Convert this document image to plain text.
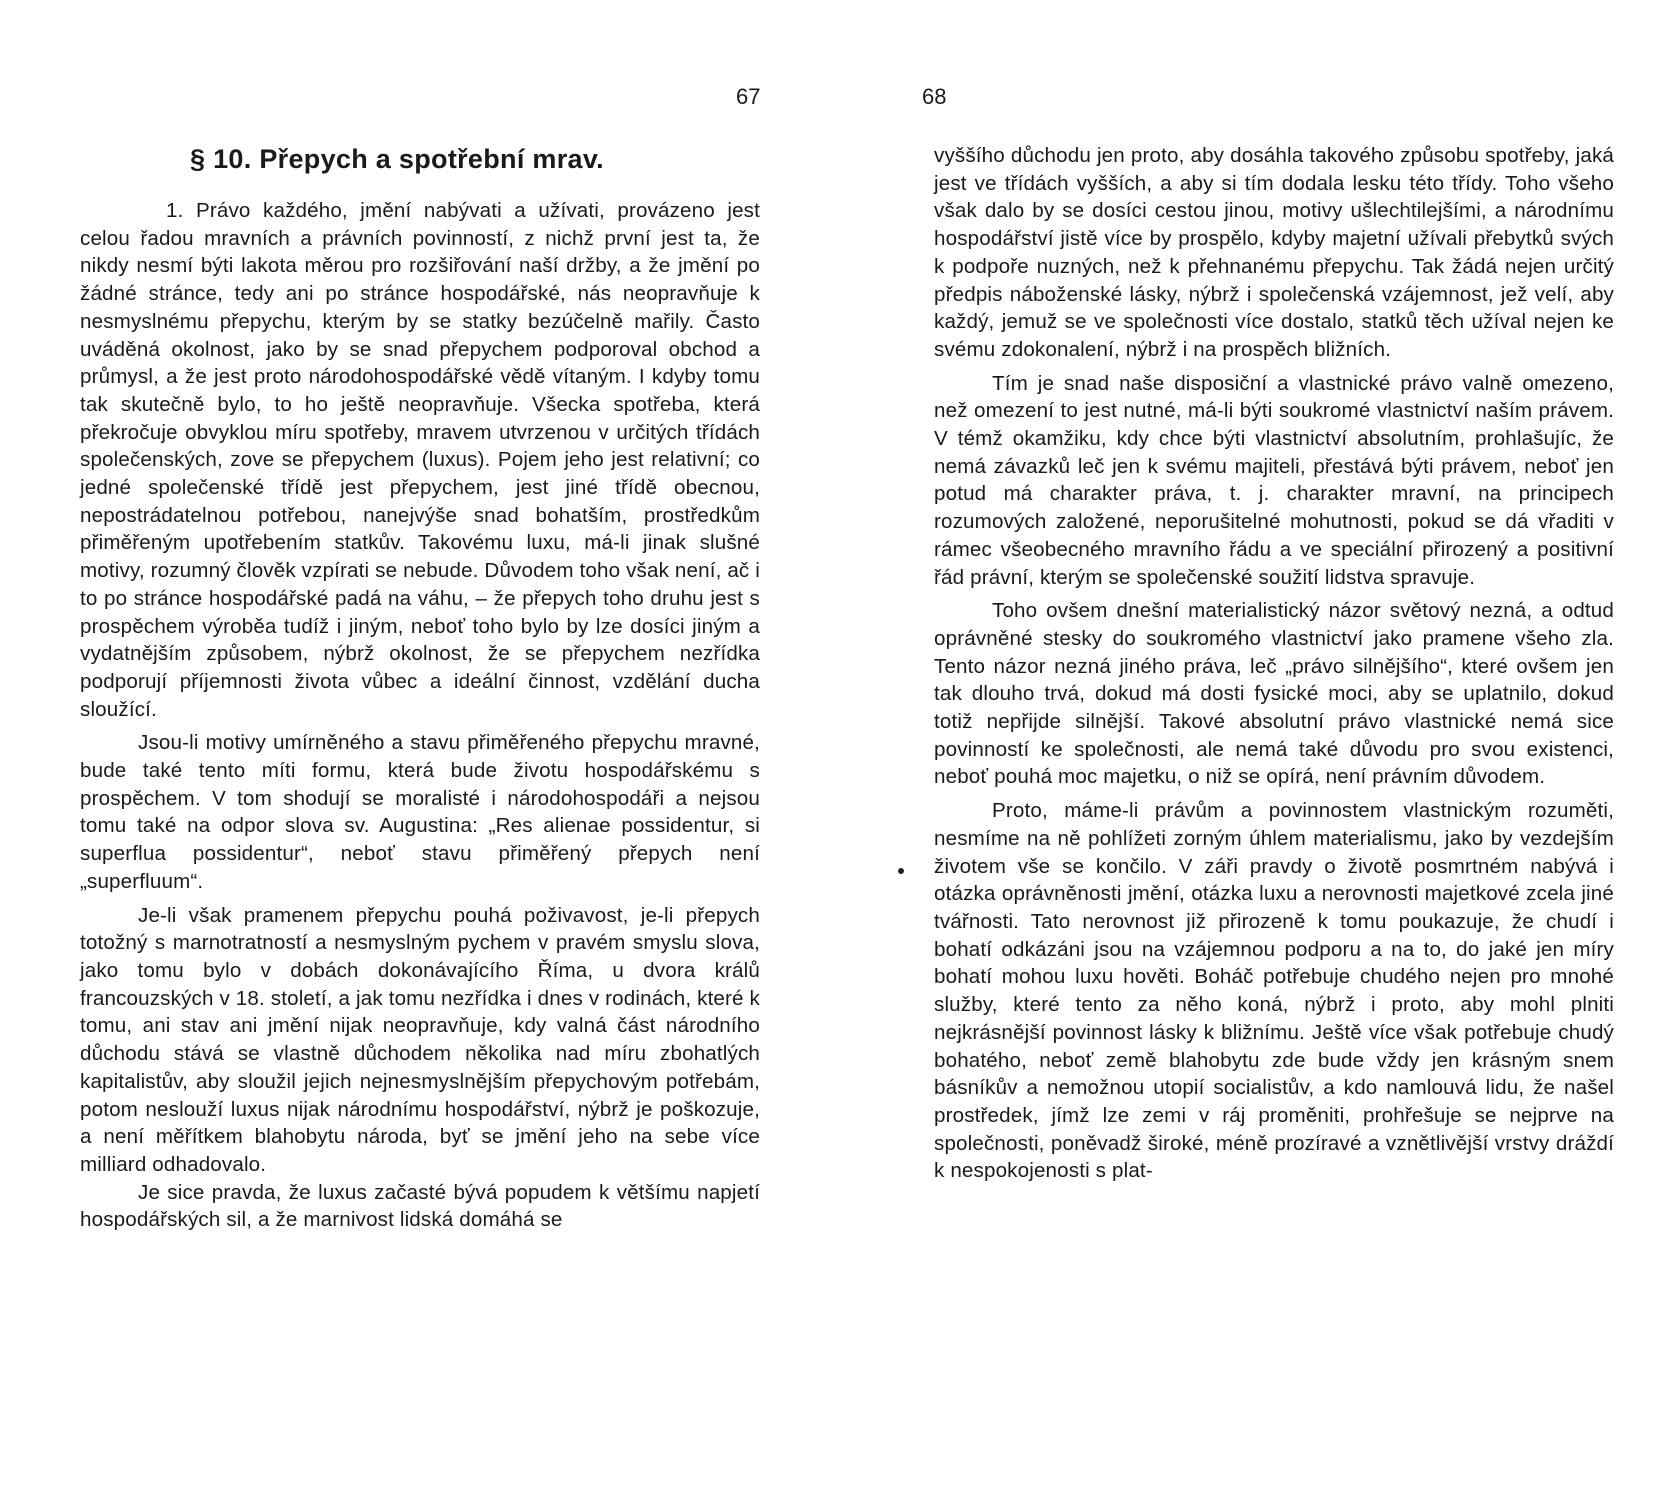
67
§ 10. Přepych a spotřební mrav.

1. Právo každého, jmění nabývati a užívati, provázeno jest celou řadou mravních a právních povinností, z nichž první jest ta, že nikdy nesmí býti lakota měrou pro rozšiřování naší držby, a že jmění po žádné stránce, tedy ani po stránce hospodářské, nás neopravňuje k nesmyslnému přepychu, kterým by se statky bezúčelně mařily. Často uváděná okolnost, jako by se snad přepychem podporoval obchod a průmysl, a že jest proto národohospodářské vědě vítaným. I kdyby tomu tak skutečně bylo, to ho ještě neopravňuje. Všecka spotřeba, která překročuje obvyklou míru spotřeby, mravem utvrzenou v určitých třídách společenských, zove se přepychem (luxus). Pojem jeho jest relativní; co jedné společenské třídě jest přepychem, jest jiné třídě obecnou, nepostrádatelnou potřebou, nanejvýše snad bohatším, prostředkům přiměřeným upotřebením statkův. Takovému luxu, má-li jinak slušné motivy, rozumný člověk vzpírati se nebude. Důvodem toho však není, ač i to po stránce hospodářské padá na váhu, – že přepych toho druhu jest s prospěchem výroběa tudíž i jiným, neboť toho bylo by lze dosíci jiným a vydatnějším způsobem, nýbrž okolnost, že se přepychem nezřídka podporují příjemnosti života vůbec a ideální činnost, vzdělání ducha sloužící.

Jsou-li motivy umírněného a stavu přiměřeného přepychu mravné, bude také tento míti formu, která bude životu hospodářskému s prospěchem. V tom shodují se moralisté i národohospodáři a nejsou tomu také na odpor slova sv. Augustina: „Res alienae possidentur, si superflua possidentur“, neboť stavu přiměřený přepych není „superfluum“.

Je-li však pramenem přepychu pouhá poživavost, je-li přepych totožný s marnotratností a nesmyslným pychem v pravém smyslu slova, jako tomu bylo v dobách dokonávajícího Říma, u dvora králů francouzských v 18. století, a jak tomu nezřídka i dnes v rodinách, které k tomu, ani stav ani jmění nijak neopravňuje, kdy valná část národního důchodu stává se vlastně důchodem několika nad míru zbohatlých kapitalistův, aby sloužil jejich nejnesmyslnějším přepychovým potřebám, potom neslouží luxus nijak národnímu hospodářství, nýbrž je poškozuje, a není měřítkem blahobytu národa, byť se jmění jeho na sebe více milliard odhadovalo.

Je sice pravda, že luxus začasté bývá popudem k většímu napjetí hospodářských sil, a že marnivost lidská domáhá se

68

vyššího důchodu jen proto, aby dosáhla takového způsobu spotřeby, jaká jest ve třídách vyšších, a aby si tím dodala lesku této třídy. Toho všeho však dalo by se dosíci cestou jinou, motivy ušlechtilejšími, a národnímu hospodářství jistě více by prospělo, kdyby majetní užívali přebytků svých k podpoře nuzných, než k přehnanému přepychu. Tak žádá nejen určitý předpis náboženské lásky, nýbrž i společenská vzájemnost, jež velí, aby každý, jemuž se ve společnosti více dostalo, statků těch užíval nejen ke svému zdokonalení, nýbrž i na prospěch bližních.

Tím je snad naše disposiční a vlastnické právo valně omezeno, než omezení to jest nutné, má-li býti soukromé vlastnictví naším právem. V témž okamžiku, kdy chce býti vlastnictví absolutním, prohlašujíc, že nemá závazků leč jen k svému majiteli, přestává býti právem, neboť jen potud má charakter práva, t. j. charakter mravní, na principech rozumových založené, neporušitelné mohutnosti, pokud se dá vřaditi v rámec všeobecného mravního řádu a ve speciální přirozený a positivní řád právní, kterým se společenské soužití lidstva spravuje.

Toho ovšem dnešní materialistický názor světový nezná, a odtud oprávněné stesky do soukromého vlastnictví jako pramene všeho zla. Tento názor nezná jiného práva, leč „právo silnějšího“, které ovšem jen tak dlouho trvá, dokud má dosti fysické moci, aby se uplatnilo, dokud totiž nepřijde silnější. Takové absolutní právo vlastnické nemá sice povinností ke společnosti, ale nemá také důvodu pro svou existenci, neboť pouhá moc majetku, o niž se opírá, není právním důvodem.

Proto, máme-li právům a povinnostem vlastnickým rozuměti, nesmíme na ně pohlížeti zorným úhlem materialismu, jako by vezdejším životem vše se končilo. V záři pravdy o životě posmrtném nabývá i otázka oprávněnosti jmění, otázka luxu a nerovnosti majetkové zcela jiné tvářnosti. Tato nerovnost již přirozeně k tomu poukazuje, že chudí i bohatí odkázáni jsou na vzájemnou podporu a na to, do jaké jen míry bohatí mohou luxu hověti. Boháč potřebuje chudého nejen pro mnohé služby, které tento za něho koná, nýbrž i proto, aby mohl plniti nejkrásnější povinnost lásky k bližnímu. Ještě více však potřebuje chudý bohatého, neboť země blahobytu zde bude vždy jen krásným snem básníkův a nemožnou utopií socialistův, a kdo namlouvá lidu, že našel prostředek, jímž lze zemi v ráj proměniti, prohřešuje se nejprve na společnosti, poněvadž široké, méně prozíravé a vznětlivější vrstvy dráždí k nespokojenosti s plat-
